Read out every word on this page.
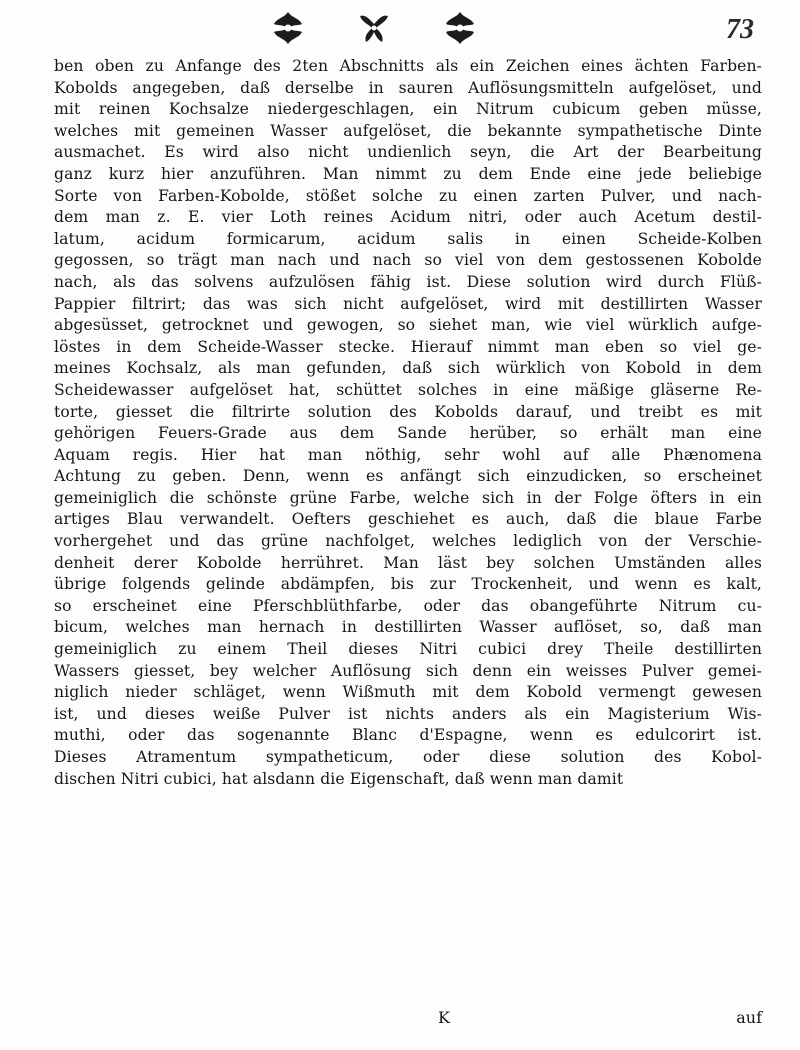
73
ben oben zu Anfange des 2ten Abschnitts als ein Zeichen eines ächten Farben-
Kobolds angegeben, daß derselbe in sauren Auflösungsmitteln aufgelöset, und
mit reinen Kochsalze niedergeschlagen, ein Nitrum cubicum geben müsse,
welches mit gemeinen Wasser aufgelöset, die bekannte sympathetische Dinte
ausmachet. Es wird also nicht undienlich seyn, die Art der Bearbeitung
ganz kurz hier anzuführen. Man nimmt zu dem Ende eine jede beliebige
Sorte von Farben-Kobolde, stößet solche zu einen zarten Pulver, und nach-
dem man z. E. vier Loth reines Acidum nitri, oder auch Acetum destil-
latum, acidum formicarum, acidum salis in einen Scheide-Kolben
gegossen, so trägt man nach und nach so viel von dem gestossenen Kobolde
nach, als das solvens aufzulösen fähig ist. Diese solution wird durch Flüß-
Pappier filtrirt; das was sich nicht aufgelöset, wird mit destillirten Wasser
abgesüsset, getrocknet und gewogen, so siehet man, wie viel würklich aufge-
löstes in dem Scheide-Wasser stecke. Hierauf nimmt man eben so viel ge-
meines Kochsalz, als man gefunden, daß sich würklich von Kobold in dem
Scheidewasser aufgelöset hat, schüttet solches in eine mäßige gläserne Re-
torte, giesset die filtrirte solution des Kobolds darauf, und treibt es mit
gehörigen Feuers-Grade aus dem Sande herüber, so erhält man eine
Aquam regis. Hier hat man nöthig, sehr wohl auf alle Phænomena
Achtung zu geben. Denn, wenn es anfängt sich einzudicken, so erscheinet
gemeiniglich die schönste grüne Farbe, welche sich in der Folge öfters in ein
artiges Blau verwandelt. Oefters geschiehet es auch, daß die blaue Farbe
vorhergehet und das grüne nachfolget, welches lediglich von der Verschie-
denheit derer Kobolde herrühret. Man läst bey solchen Umständen alles
übrige folgends gelinde abdämpfen, bis zur Trockenheit, und wenn es kalt,
so erscheinet eine Pferschblüthfarbe, oder das obangeführte Nitrum cu-
bicum, welches man hernach in destillirten Wasser auflöset, so, daß man
gemeiniglich zu einem Theil dieses Nitri cubici drey Theile destillirten
Wassers giesset, bey welcher Auflösung sich denn ein weisses Pulver gemei-
niglich nieder schläget, wenn Wißmuth mit dem Kobold vermengt gewesen
ist, und dieses weiße Pulver ist nichts anders als ein Magisterium Wis-
muthi, oder das sogenannte Blanc d'Espagne, wenn es edulcorirt ist.
Dieses Atramentum sympatheticum, oder diese solution des Kobol-
dischen Nitri cubici, hat alsdann die Eigenschaft, daß wenn man damit
K	auf
